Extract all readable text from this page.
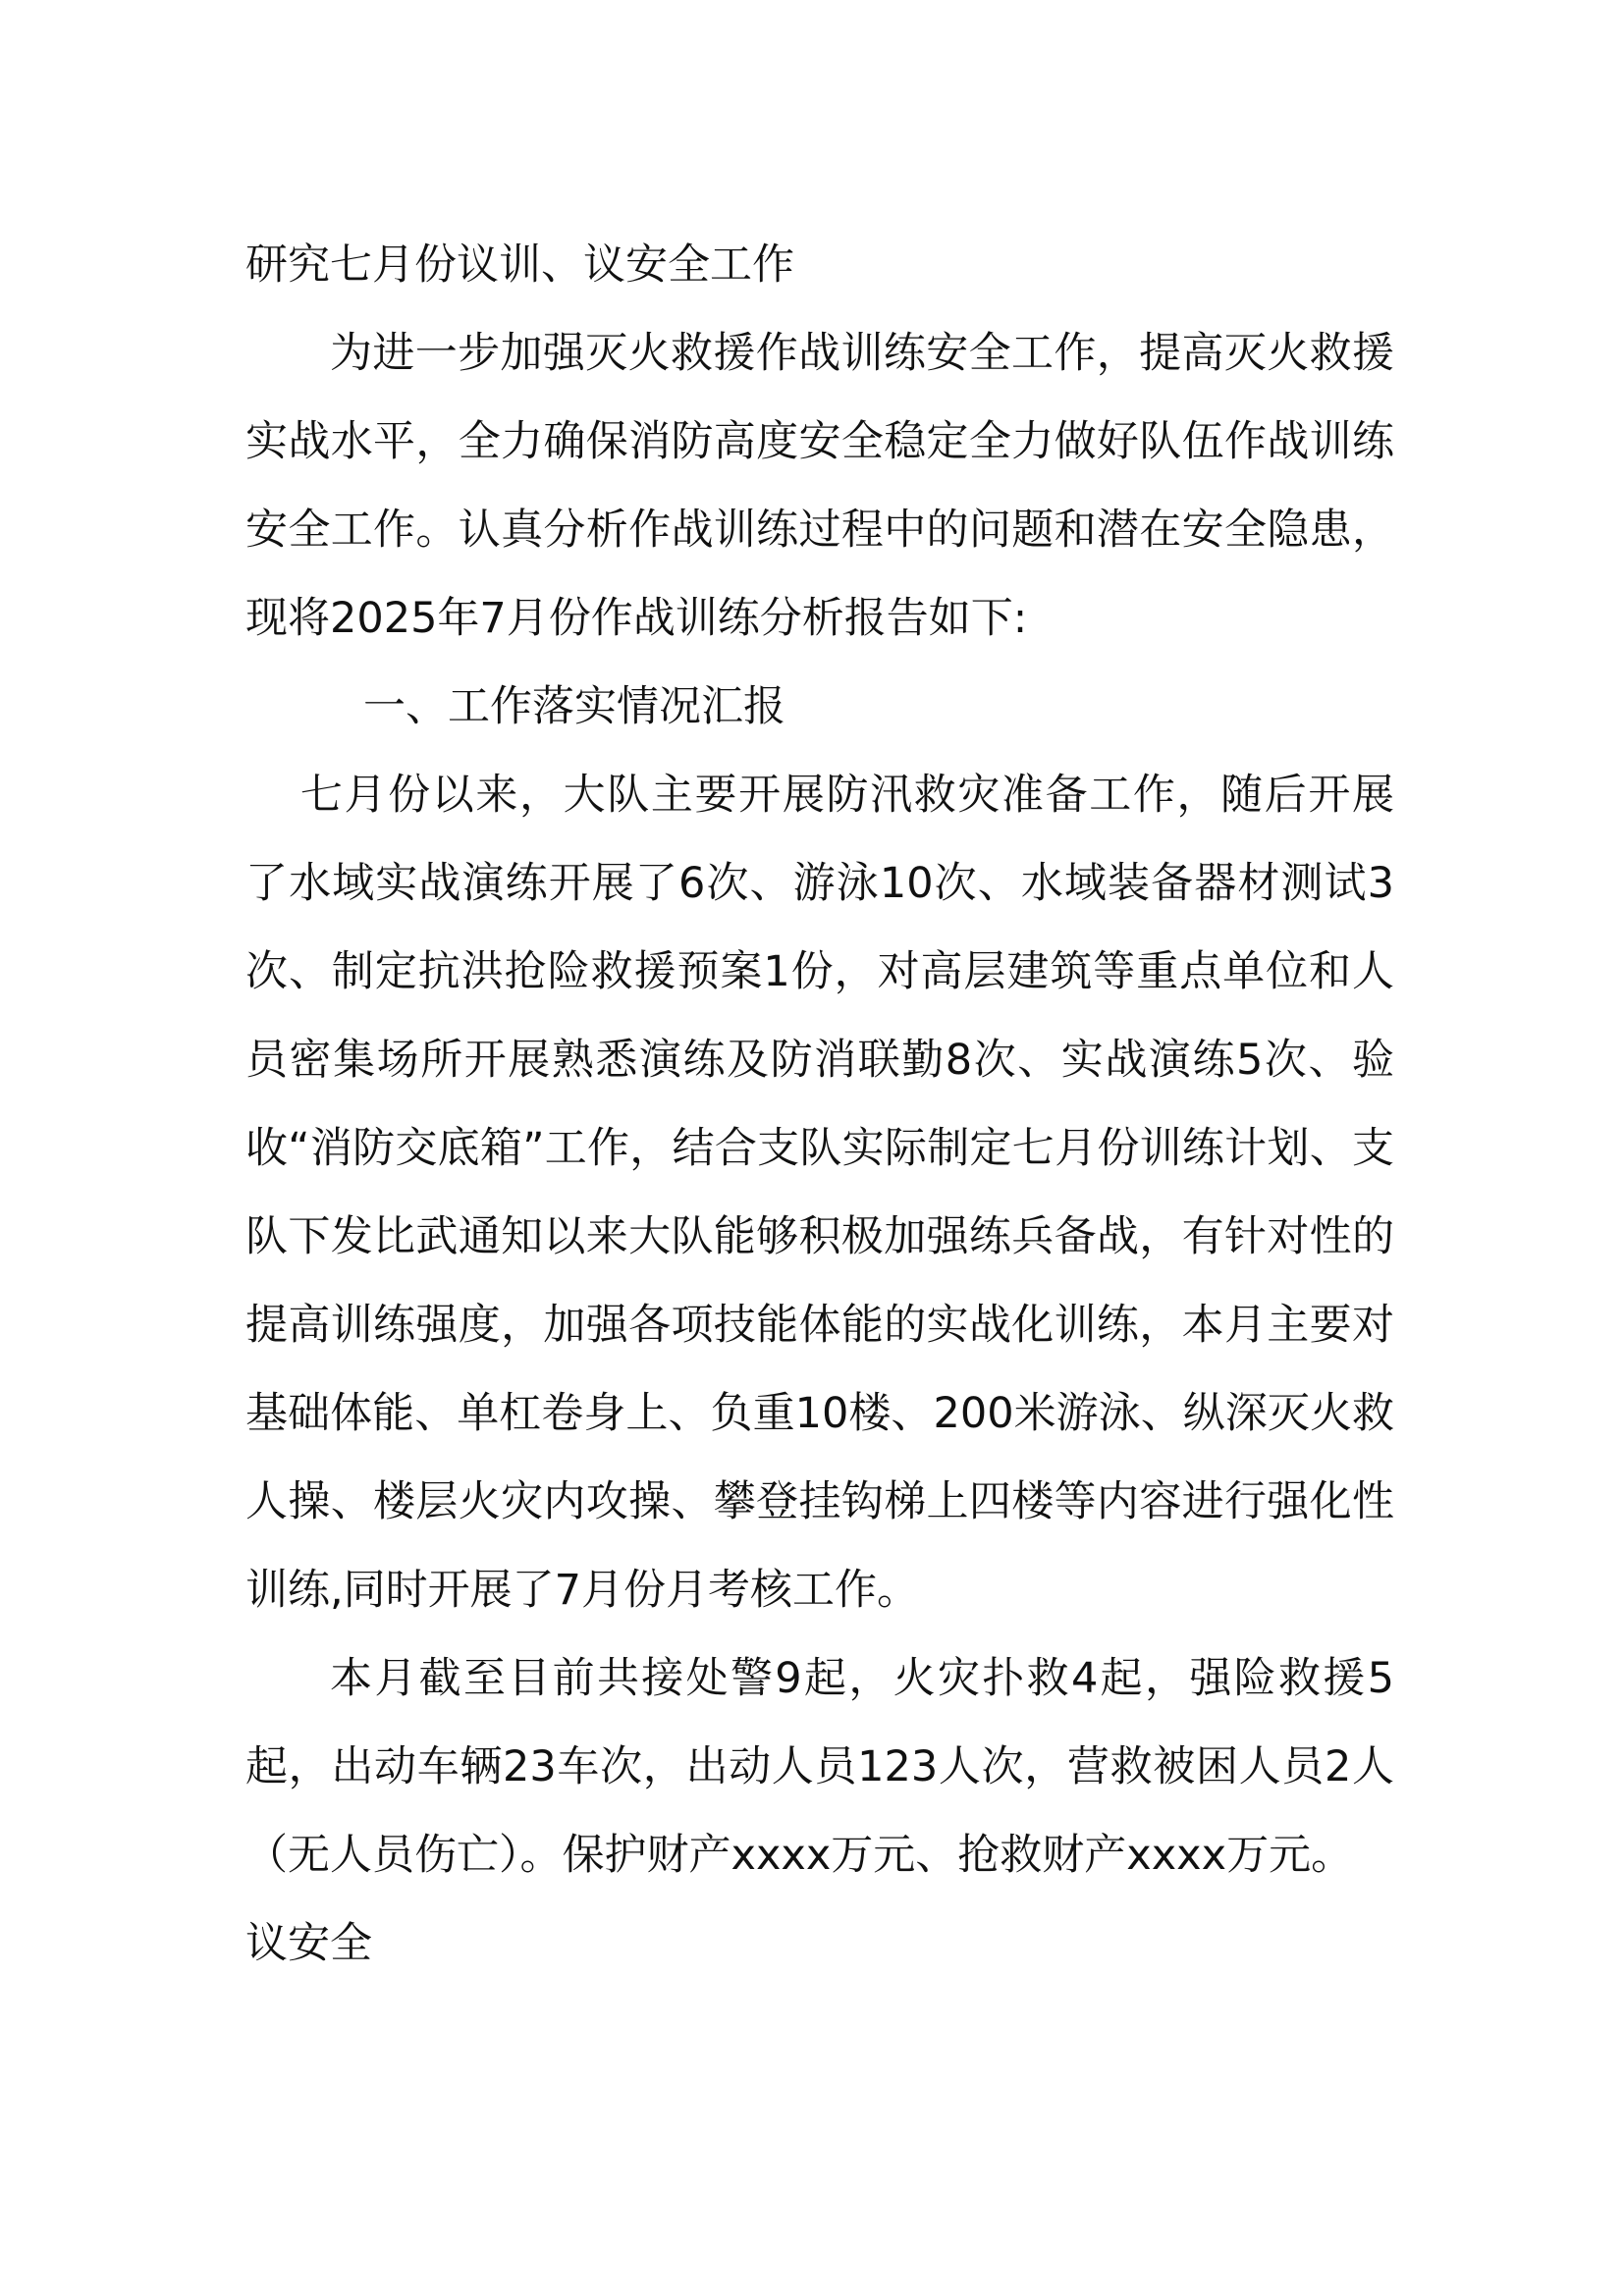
研究七月份议训、议安全工作

为进一步加强灭火救援作战训练安全工作，提高灭火救援实战水平，全力确保消防高度安全稳定全力做好队伍作战训练安全工作。认真分析作战训练过程中的问题和潜在安全隐患，现将2025年7月份作战训练分析报告如下:

一、工作落实情况汇报

七月份以来，大队主要开展防汛救灾准备工作，随后开展了水域实战演练开展了6次、游泳10次、水域装备器材测试3次、制定抗洪抢险救援预案1份，对高层建筑等重点单位和人员密集场所开展熟悉演练及防消联勤8次、实战演练5次、验收“消防交底箱”工作，结合支队实际制定七月份训练计划、支队下发比武通知以来大队能够积极加强练兵备战，有针对性的提高训练强度，加强各项技能体能的实战化训练，本月主要对基础体能、单杠卷身上、负重10楼、200米游泳、纵深灭火救人操、楼层火灾内攻操、攀登挂钩梯上四楼等内容进行强化性训练,同时开展了7月份月考核工作。

本月截至目前共接处警9起，火灾扑救4起，强险救援5起，出动车辆23车次，出动人员123人次，营救被困人员2人（无人员伤亡）。保护财产xxxx万元、抢救财产xxxx万元。

议安全
